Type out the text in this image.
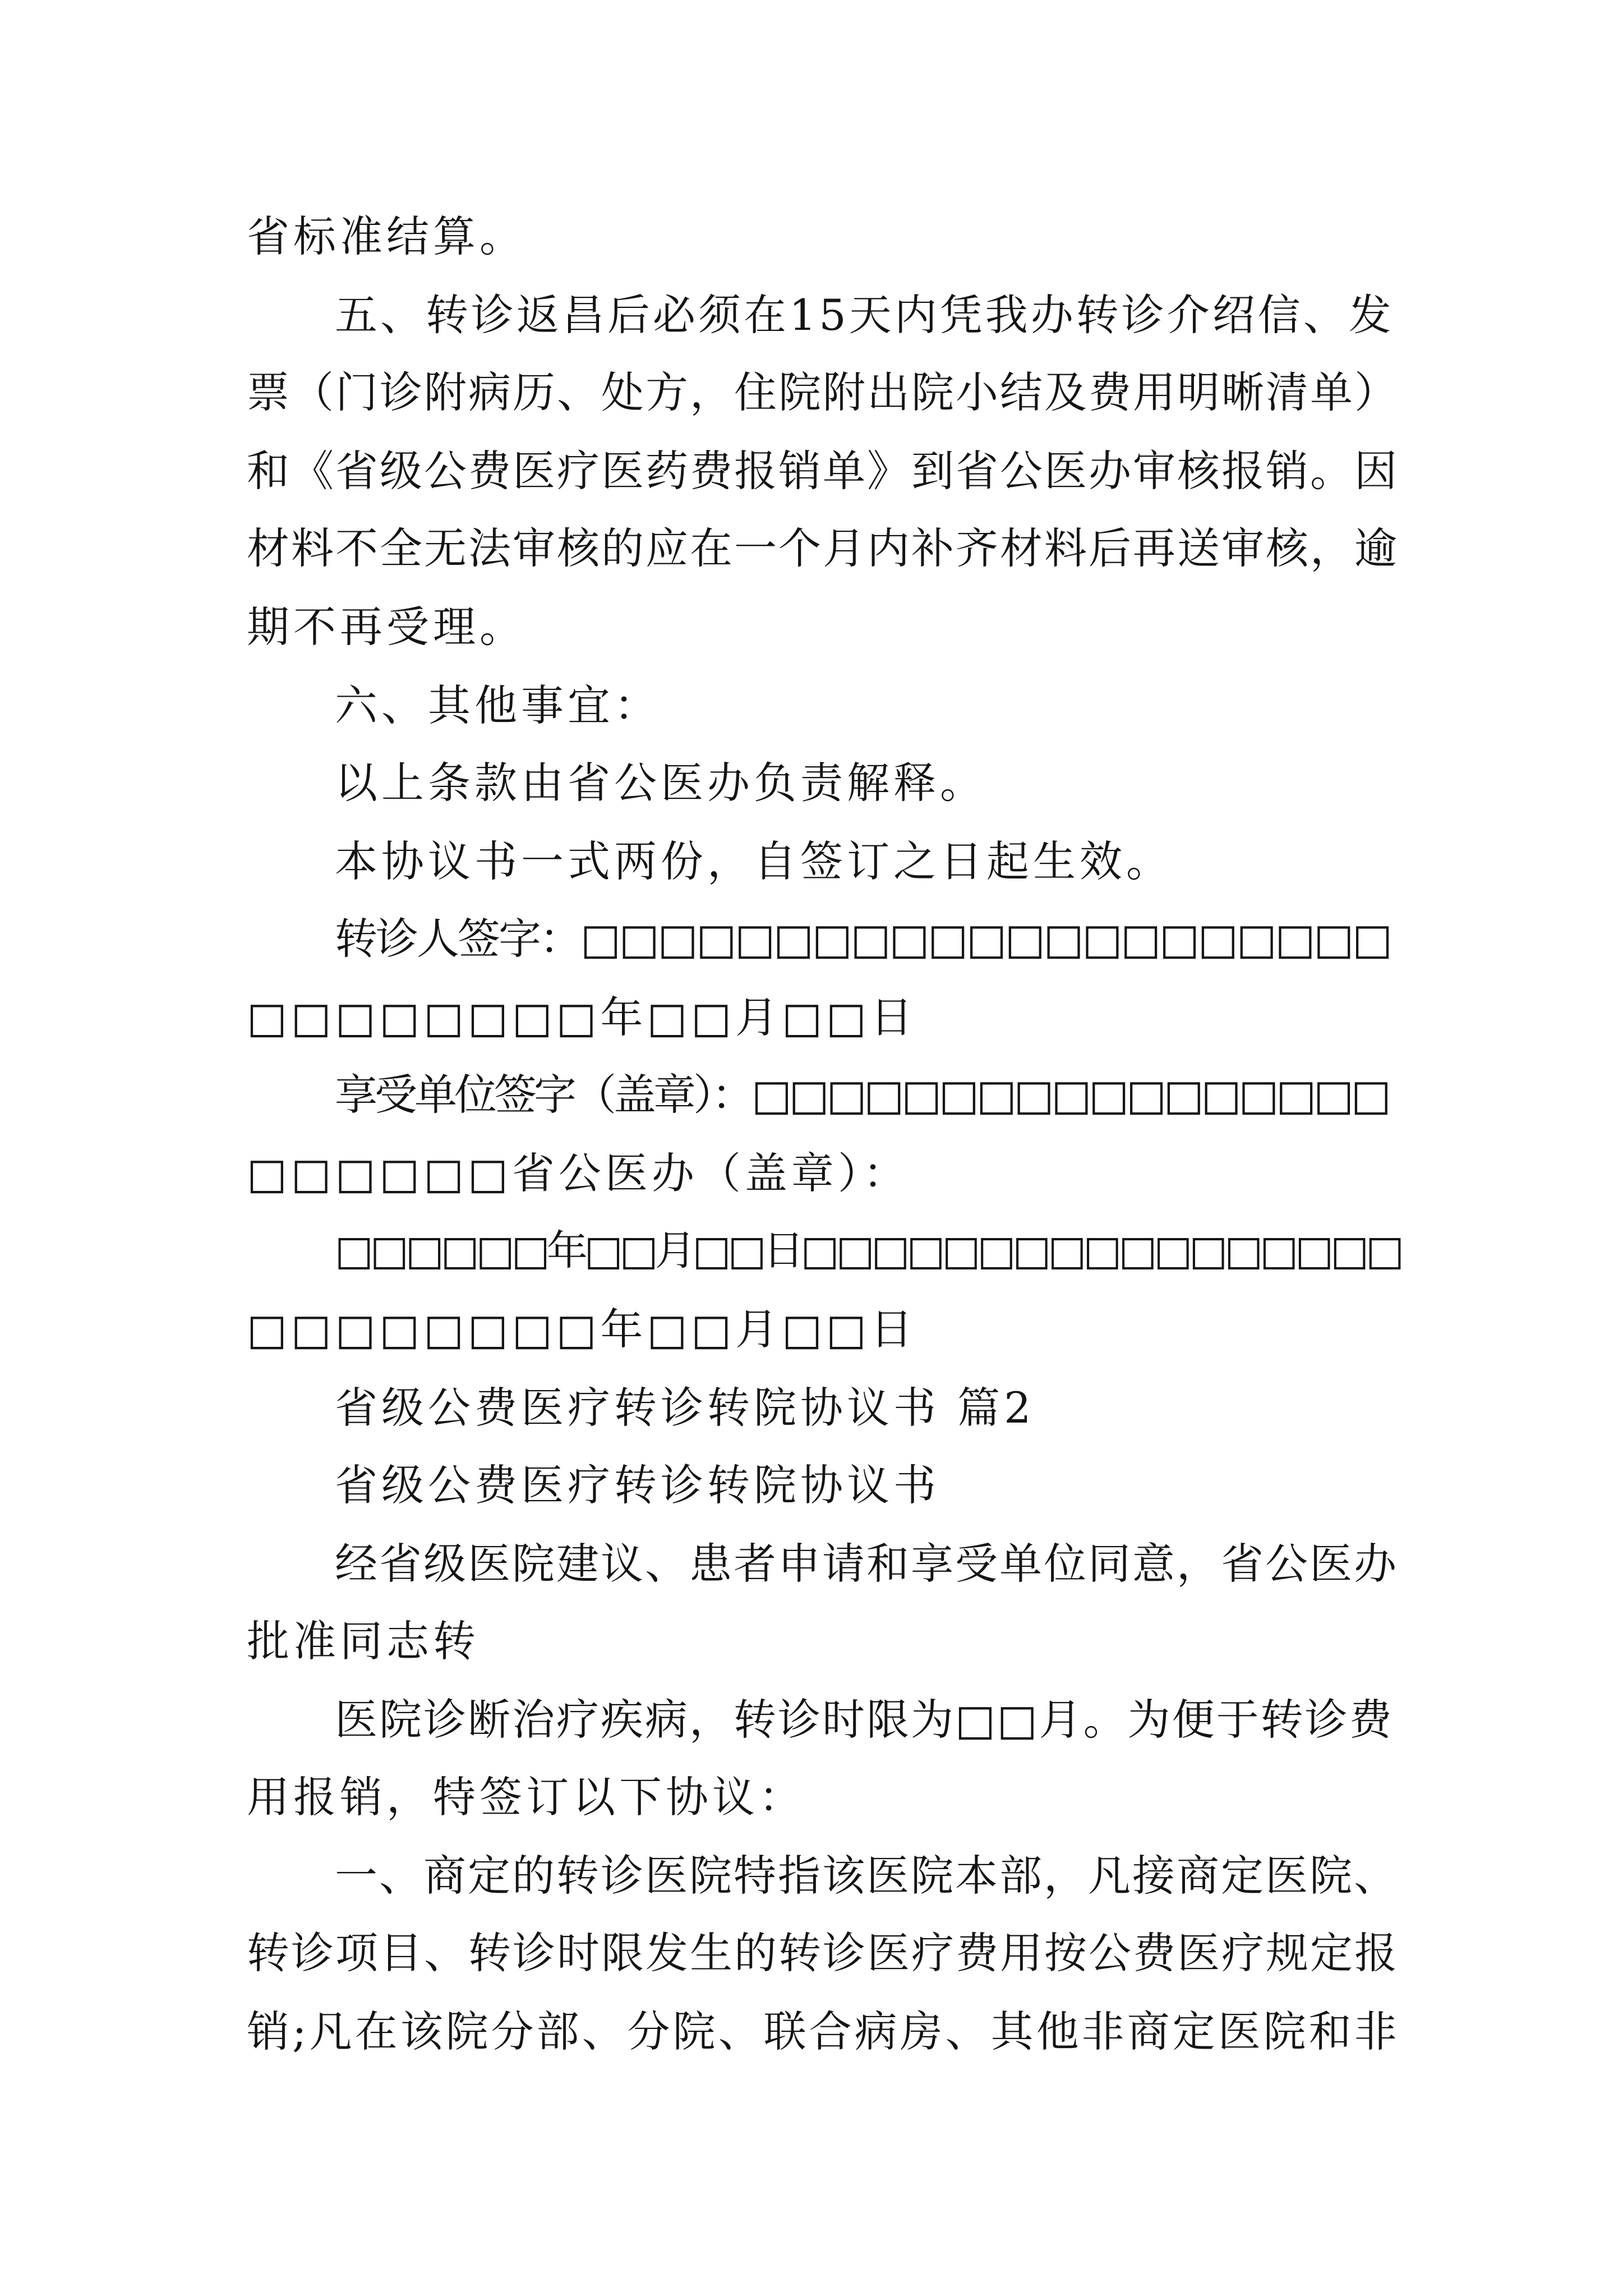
省标准结算。
五、转诊返昌后必须在15天内凭我办转诊介绍信、发
票（门诊附病历、处方，住院附出院小结及费用明晰清单）
和《省级公费医疗医药费报销单》到省公医办审核报销。因
材料不全无法审核的应在一个月内补齐材料后再送审核，逾
期不再受理。
六、其他事宜：
以上条款由省公医办负责解释。
本协议书一式两份，自签订之日起生效。
转诊人签字：□□□□□□□□□□□□□□□□□□□□□
□□□□□□□□年□□月□□日
享受单位签字（盖章）：□□□□□□□□□□□□□□□□□
□□□□□□省公医办（盖章）：
□□□□□□年□□月□□日□□□□□□□□□□□□□□□□□
□□□□□□□□年□□月□□日
省级公费医疗转诊转院协议书 篇2
省级公费医疗转诊转院协议书
经省级医院建议、患者申请和享受单位同意，省公医办
批准同志转
医院诊断治疗疾病，转诊时限为□□月。为便于转诊费
用报销，特签订以下协议：
一、商定的转诊医院特指该医院本部，凡接商定医院、
转诊项目、转诊时限发生的转诊医疗费用按公费医疗规定报
销;凡在该院分部、分院、联合病房、其他非商定医院和非
